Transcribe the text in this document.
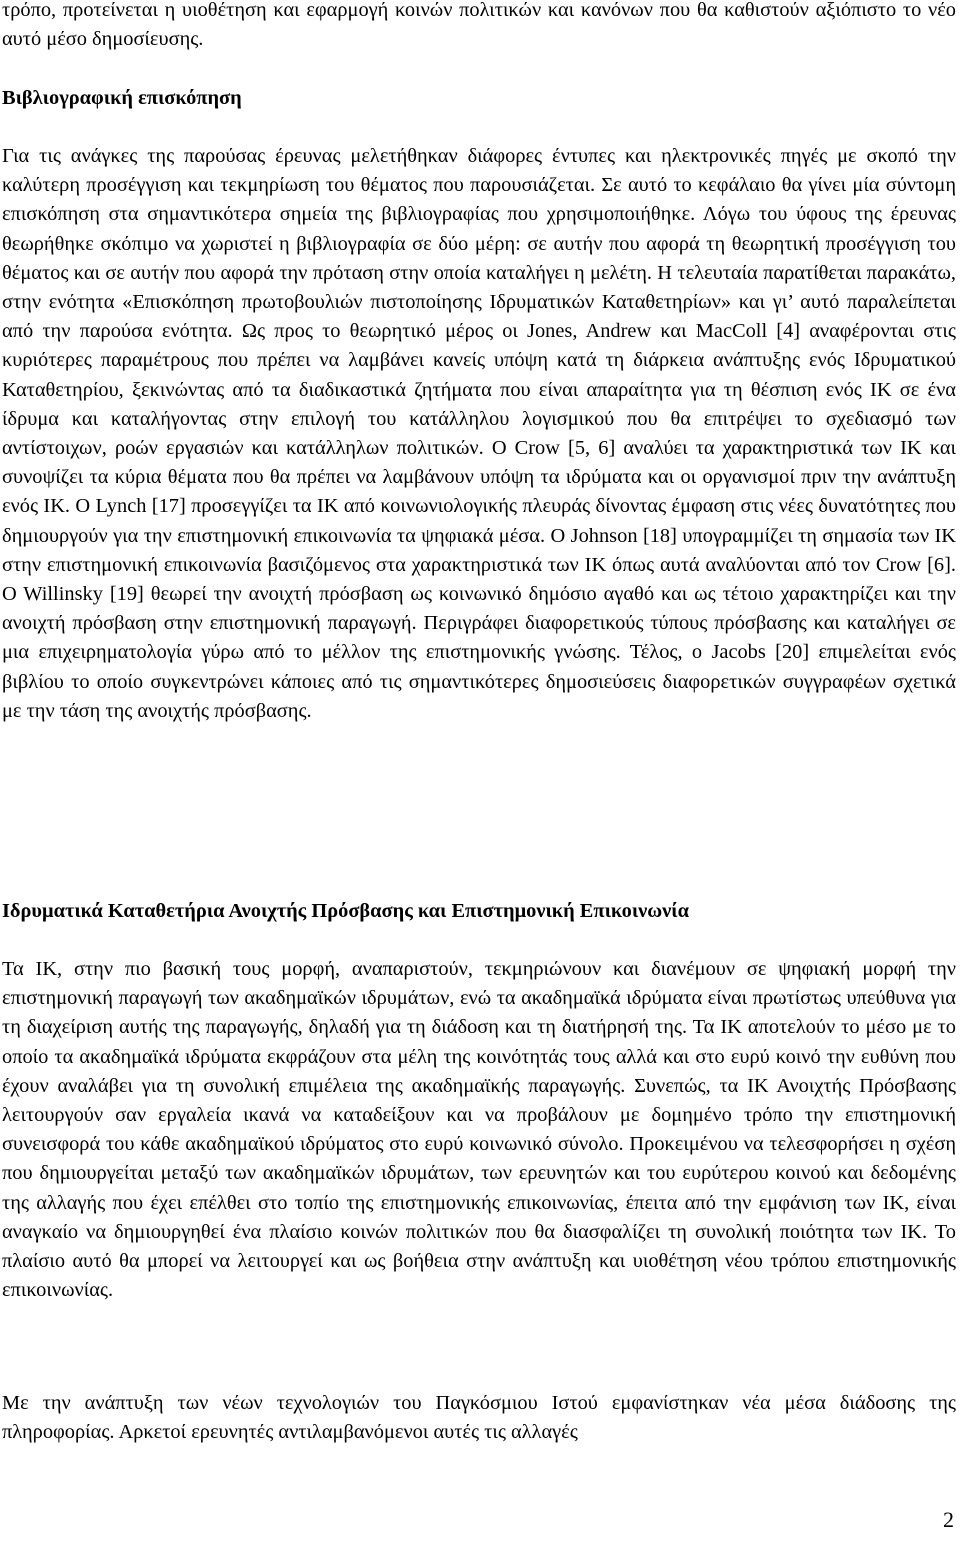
τρόπο, προτείνεται η υιοθέτηση και εφαρμογή κοινών πολιτικών και κανόνων που θα καθιστούν αξιόπιστο το νέο αυτό μέσο δημοσίευσης.

Βιβλιογραφική επισκόπηση

Για τις ανάγκες της παρούσας έρευνας μελετήθηκαν διάφορες έντυπες και ηλεκτρονικές πηγές με σκοπό την καλύτερη προσέγγιση και τεκμηρίωση του θέματος που παρουσιάζεται. Σε αυτό το κεφάλαιο θα γίνει μία σύντομη επισκόπηση στα σημαντικότερα σημεία της βιβλιογραφίας που χρησιμοποιήθηκε. Λόγω του ύφους της έρευνας θεωρήθηκε σκόπιμο να χωριστεί η βιβλιογραφία σε δύο μέρη: σε αυτήν που αφορά τη θεωρητική προσέγγιση του θέματος και σε αυτήν που αφορά την πρόταση στην οποία καταλήγει η μελέτη. Η τελευταία παρατίθεται παρακάτω, στην ενότητα «Επισκόπηση πρωτοβουλιών πιστοποίησης Ιδρυματικών Καταθετηρίων» και γι’ αυτό παραλείπεται από την παρούσα ενότητα. Ως προς το θεωρητικό μέρος οι Jones, Andrew και MacColl [4] αναφέρονται στις κυριότερες παραμέτρους που πρέπει να λαμβάνει κανείς υπόψη κατά τη διάρκεια ανάπτυξης ενός Ιδρυματικού Καταθετηρίου, ξεκινώντας από τα διαδικαστικά ζητήματα που είναι απαραίτητα για τη θέσπιση ενός ΙΚ σε ένα ίδρυμα και καταλήγοντας στην επιλογή του κατάλληλου λογισμικού που θα επιτρέψει το σχεδιασμό των αντίστοιχων, ροών εργασιών και κατάλληλων πολιτικών. O Crow [5, 6] αναλύει τα χαρακτηριστικά των ΙΚ και συνοψίζει τα κύρια θέματα που θα πρέπει να λαμβάνουν υπόψη τα ιδρύματα και οι οργανισμοί πριν την ανάπτυξη ενός ΙΚ. O Lynch [17] προσεγγίζει τα ΙΚ από κοινωνιολογικής πλευράς δίνοντας έμφαση στις νέες δυνατότητες που δημιουργούν για την επιστημονική επικοινωνία τα ψηφιακά μέσα. O Johnson [18] υπογραμμίζει τη σημασία των ΙΚ στην επιστημονική επικοινωνία βασιζόμενος στα χαρακτηριστικά των ΙΚ όπως αυτά αναλύονται από τον Crow [6]. O Willinsky [19] θεωρεί την ανοιχτή πρόσβαση ως κοινωνικό δημόσιο αγαθό και ως τέτοιο χαρακτηρίζει και την ανοιχτή πρόσβαση στην επιστημονική παραγωγή. Περιγράφει διαφορετικούς τύπους πρόσβασης και καταλήγει σε μια επιχειρηματολογία γύρω από το μέλλον της επιστημονικής γνώσης. Τέλος, ο Jacobs [20] επιμελείται ενός βιβλίου το οποίο συγκεντρώνει κάποιες από τις σημαντικότερες δημοσιεύσεις διαφορετικών συγγραφέων σχετικά με την τάση της ανοιχτής πρόσβασης.

Ιδρυματικά Καταθετήρια Ανοιχτής Πρόσβασης και Επιστημονική Επικοινωνία

Τα ΙΚ, στην πιο βασική τους μορφή, αναπαριστούν, τεκμηριώνουν και διανέμουν σε ψηφιακή μορφή την επιστημονική παραγωγή των ακαδημαϊκών ιδρυμάτων, ενώ τα ακαδημαϊκά ιδρύματα είναι πρωτίστως υπεύθυνα για τη διαχείριση αυτής της παραγωγής, δηλαδή για τη διάδοση και τη διατήρησή της. Τα ΙΚ αποτελούν το μέσο με το οποίο τα ακαδημαϊκά ιδρύματα εκφράζουν στα μέλη της κοινότητάς τους αλλά και στο ευρύ κοινό την ευθύνη που έχουν αναλάβει για τη συνολική επιμέλεια της ακαδημαϊκής παραγωγής. Συνεπώς, τα ΙΚ Ανοιχτής Πρόσβασης λειτουργούν σαν εργαλεία ικανά να καταδείξουν και να προβάλουν με δομημένο τρόπο την επιστημονική συνεισφορά του κάθε ακαδημαϊκού ιδρύματος στο ευρύ κοινωνικό σύνολο. Προκειμένου να τελεσφορήσει η σχέση που δημιουργείται μεταξύ των ακαδημαϊκών ιδρυμάτων, των ερευνητών και του ευρύτερου κοινού και δεδομένης της αλλαγής που έχει επέλθει στο τοπίο της επιστημονικής επικοινωνίας, έπειτα από την εμφάνιση των ΙΚ, είναι αναγκαίο να δημιουργηθεί ένα πλαίσιο κοινών πολιτικών που θα διασφαλίζει τη συνολική ποιότητα των ΙΚ. Το πλαίσιο αυτό θα μπορεί να λειτουργεί και ως βοήθεια στην ανάπτυξη και υιοθέτηση νέου τρόπου επιστημονικής επικοινωνίας.

Με την ανάπτυξη των νέων τεχνολογιών του Παγκόσμιου Ιστού εμφανίστηκαν νέα μέσα διάδοσης της πληροφορίας. Αρκετοί ερευνητές αντιλαμβανόμενοι αυτές τις αλλαγές

2
